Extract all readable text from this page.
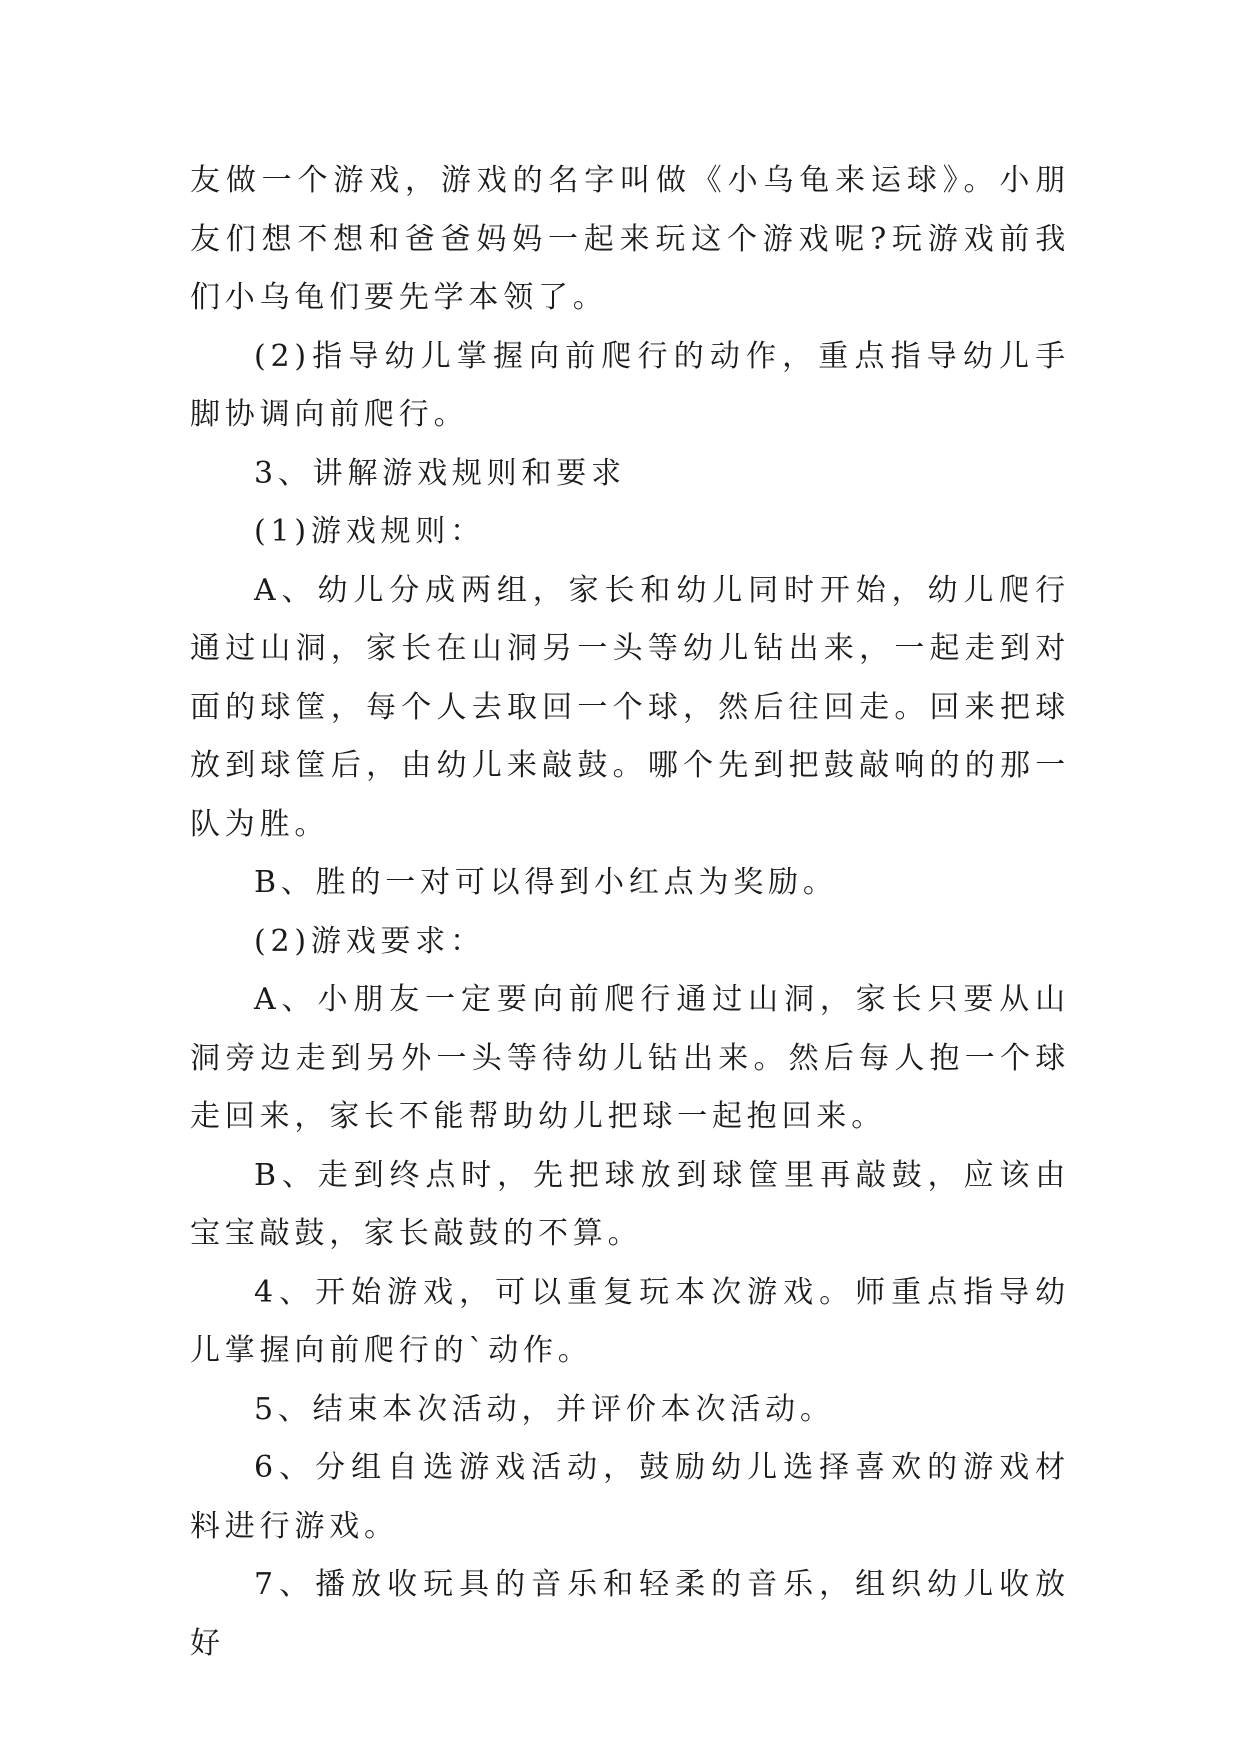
友做一个游戏，游戏的名字叫做《小乌龟来运球》。小朋友们想不想和爸爸妈妈一起来玩这个游戏呢?玩游戏前我们小乌龟们要先学本领了。

(2)指导幼儿掌握向前爬行的动作，重点指导幼儿手脚协调向前爬行。

3、讲解游戏规则和要求

(1)游戏规则：

A、幼儿分成两组，家长和幼儿同时开始，幼儿爬行通过山洞，家长在山洞另一头等幼儿钻出来，一起走到对面的球筐，每个人去取回一个球，然后往回走。回来把球放到球筐后，由幼儿来敲鼓。哪个先到把鼓敲响的的那一队为胜。

B、胜的一对可以得到小红点为奖励。

(2)游戏要求：

A、小朋友一定要向前爬行通过山洞，家长只要从山洞旁边走到另外一头等待幼儿钻出来。然后每人抱一个球走回来，家长不能帮助幼儿把球一起抱回来。

B、走到终点时，先把球放到球筐里再敲鼓，应该由宝宝敲鼓，家长敲鼓的不算。

4、开始游戏，可以重复玩本次游戏。师重点指导幼儿掌握向前爬行的`动作。

5、结束本次活动，并评价本次活动。

6、分组自选游戏活动，鼓励幼儿选择喜欢的游戏材料进行游戏。

7、播放收玩具的音乐和轻柔的音乐，组织幼儿收放好
